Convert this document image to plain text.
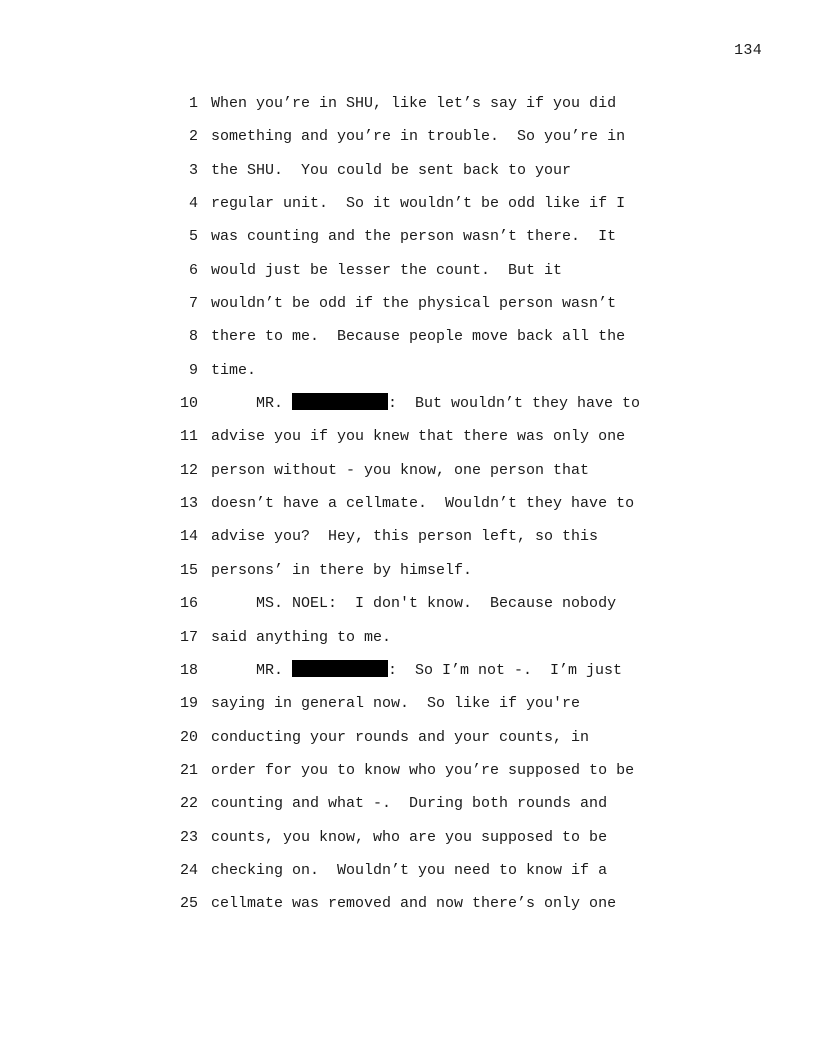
134
1 When you’re in SHU, like let’s say if you did
2 something and you’re in trouble.  So you’re in
3 the SHU.  You could be sent back to your
4 regular unit.  So it wouldn’t be odd like if I
5 was counting and the person wasn’t there.  It
6 would just be lesser the count.  But it
7 wouldn’t be odd if the physical person wasn’t
8 there to me.  Because people move back all the
9 time.
10 MR.	:  But wouldn’t they have to
11 advise you if you knew that there was only one
12 person without - you know, one person that
13 doesn’t have a cellmate.  Wouldn’t they have to
14 advise you?  Hey, this person left, so this
15 persons’ in there by himself.
16 MS. NOEL:  I don't know.  Because nobody
17 said anything to me.
18 MR.	:  So I’m not -.  I’m just
19 saying in general now.  So like if you're
20 conducting your rounds and your counts, in
21 order for you to know who you’re supposed to be
22 counting and what -.  During both rounds and
23 counts, you know, who are you supposed to be
24 checking on.  Wouldn’t you need to know if a
25 cellmate was removed and now there’s only one
